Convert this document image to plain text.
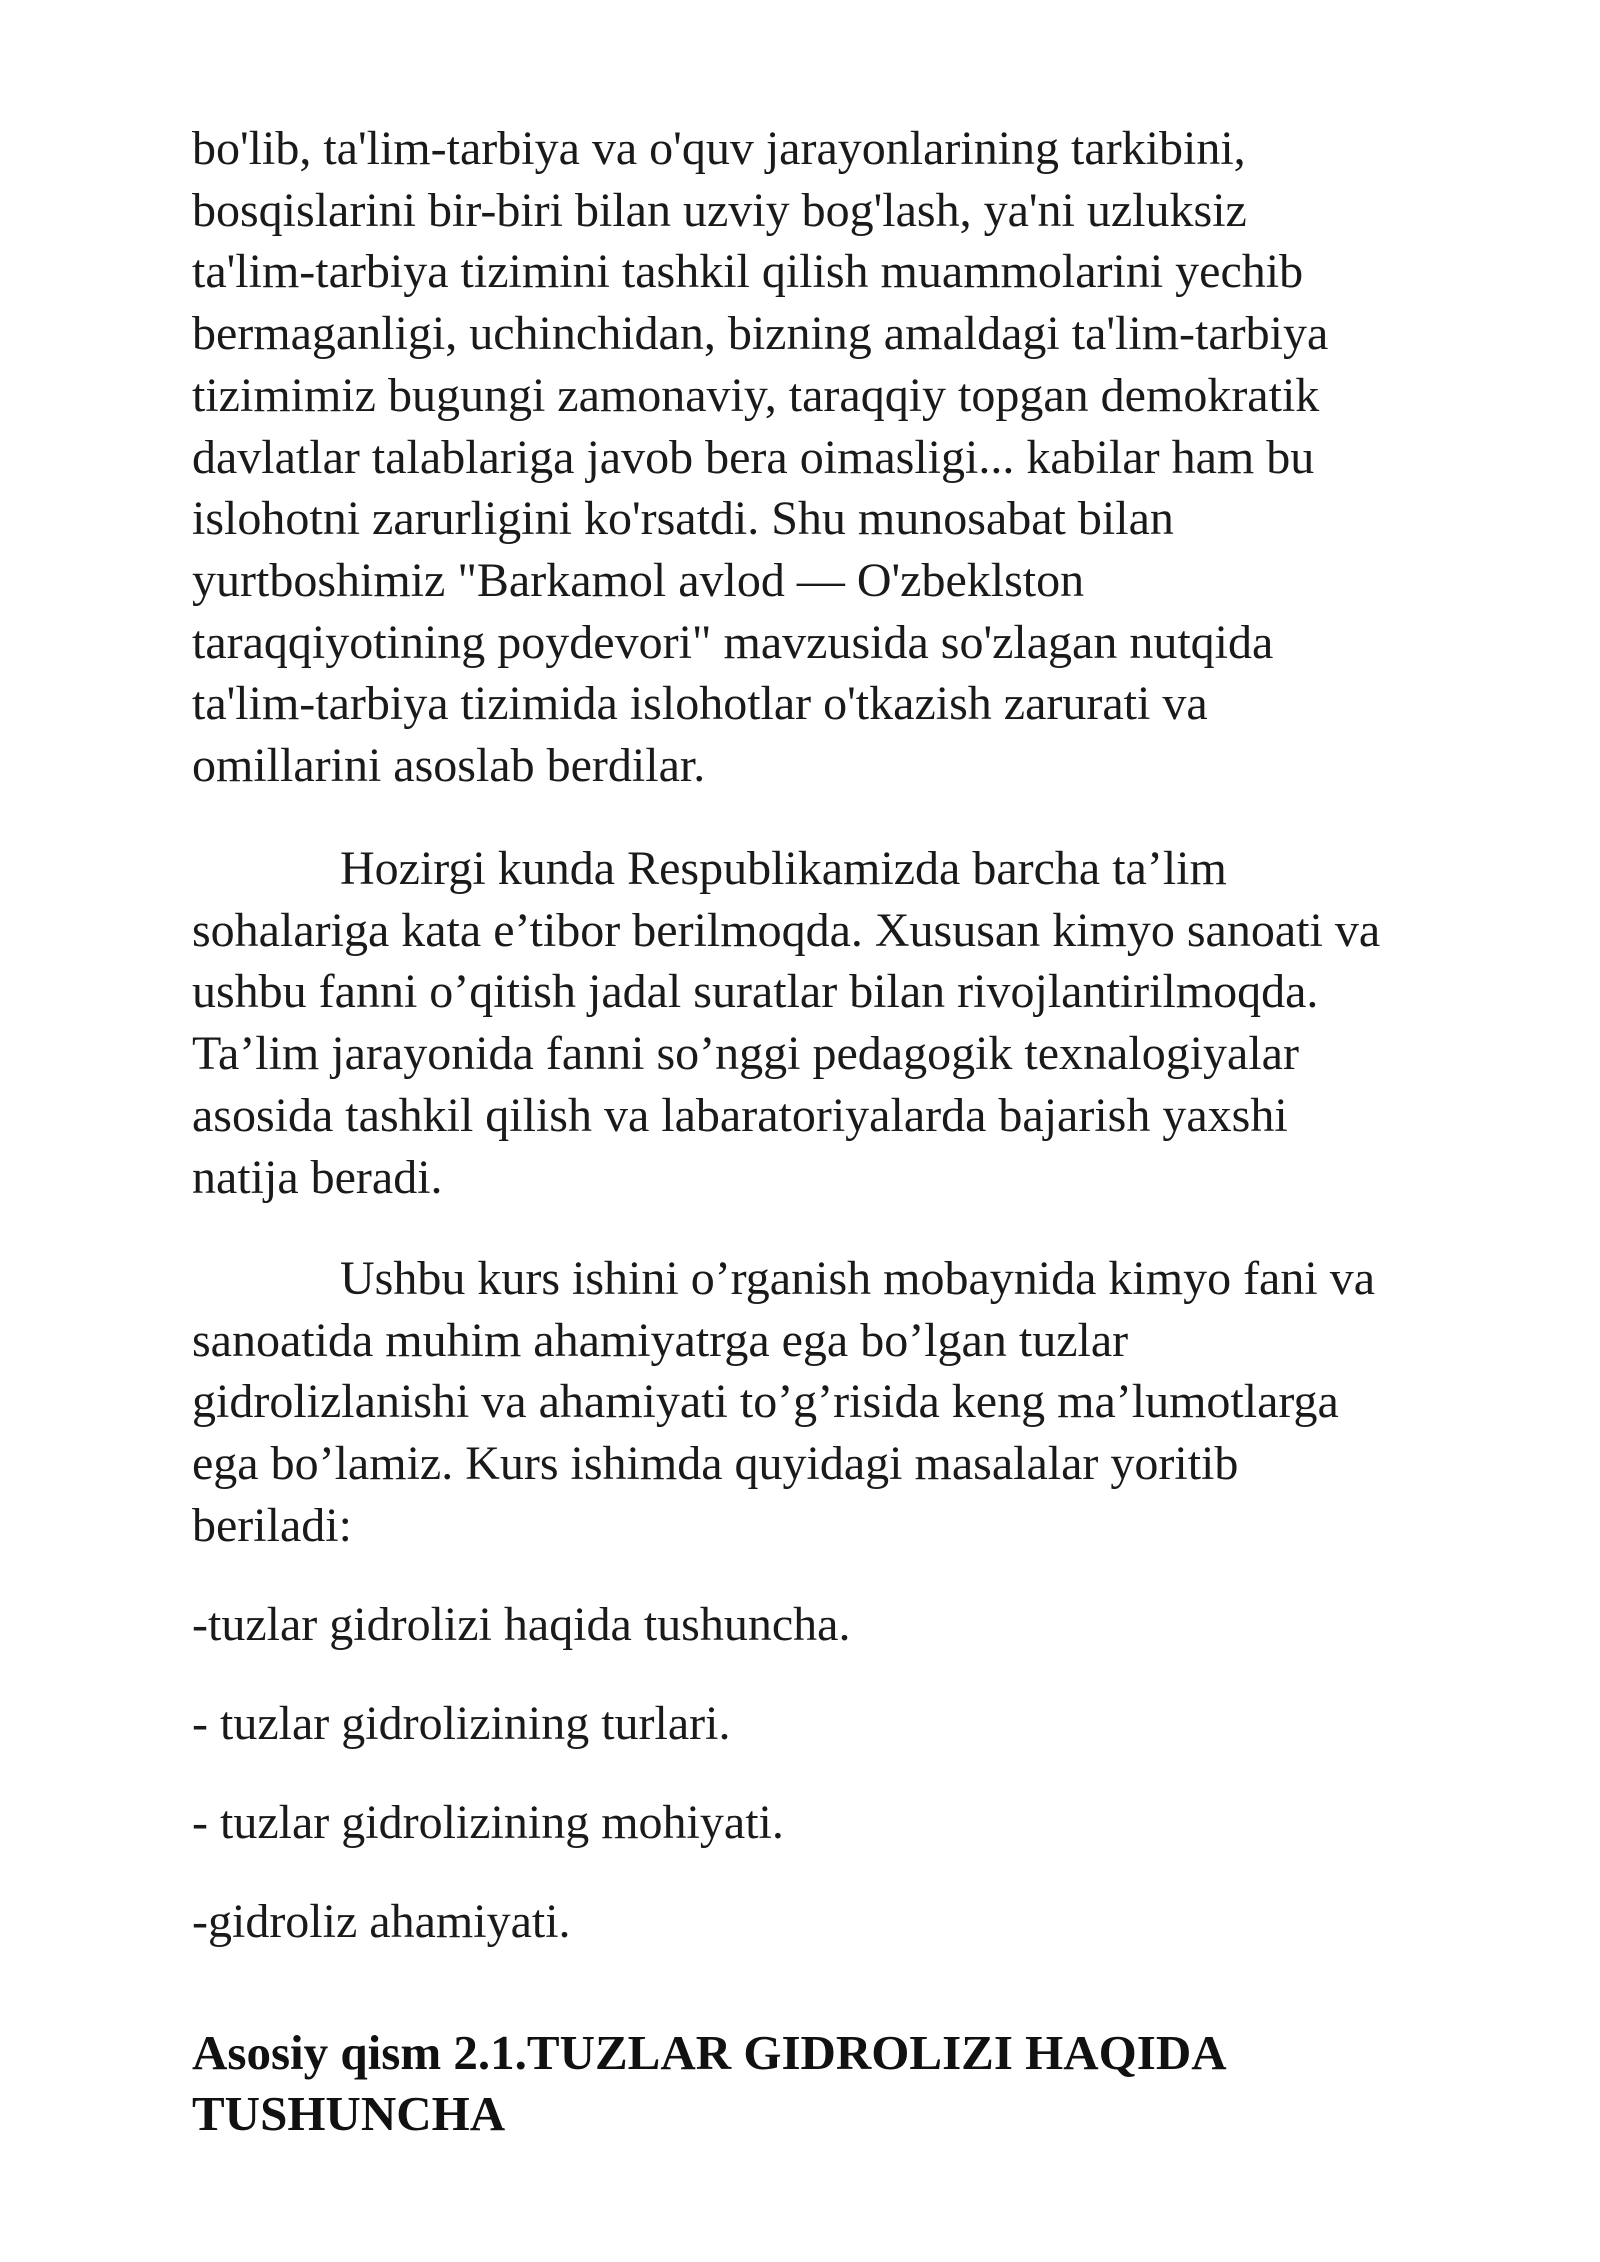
bo'lib, ta'lim-tarbiya va o'quv jarayonlarining tarkibini,
bosqislarini bir-biri bilan uzviy bog'lash, ya'ni uzluksiz
ta'lim-tarbiya tizimini tashkil qilish muammolarini yechib
bermaganligi, uchinchidan, bizning amaldagi ta'lim-tarbiya
tizimimiz bugungi zamonaviy, taraqqiy topgan demokratik
davlatlar talablariga javob bera oimasligi... kabilar ham bu
islohotni zarurligini ko'rsatdi. Shu munosabat bilan
yurtboshimiz "Barkamol avlod — O'zbeklston
taraqqiyotining poydevori" mavzusida so'zlagan nutqida
ta'lim-tarbiya tizimida islohotlar o'tkazish zarurati va
omillarini asoslab berdilar.
Hozirgi kunda Respublikamizda barcha ta’lim
sohalariga kata e’tibor berilmoqda. Xususan kimyo sanoati va
ushbu fanni o’qitish jadal suratlar bilan rivojlantirilmoqda.
Ta’lim jarayonida fanni so’nggi pedagogik texnalogiyalar
asosida tashkil qilish va labaratoriyalarda bajarish yaxshi
natija beradi.
Ushbu kurs ishini o’rganish mobaynida kimyo fani va
sanoatida muhim ahamiyatrga ega bo’lgan tuzlar
gidrolizlanishi va ahamiyati to’g’risida keng ma’lumotlarga
ega bo’lamiz. Kurs ishimda quyidagi masalalar yoritib
beriladi:
-tuzlar gidrolizi haqida tushuncha.
- tuzlar gidrolizining turlari.
- tuzlar gidrolizining mohiyati.
-gidroliz ahamiyati.
Asosiy qism 2.1.TUZLAR GIDROLIZI HAQIDA
TUSHUNCHA
